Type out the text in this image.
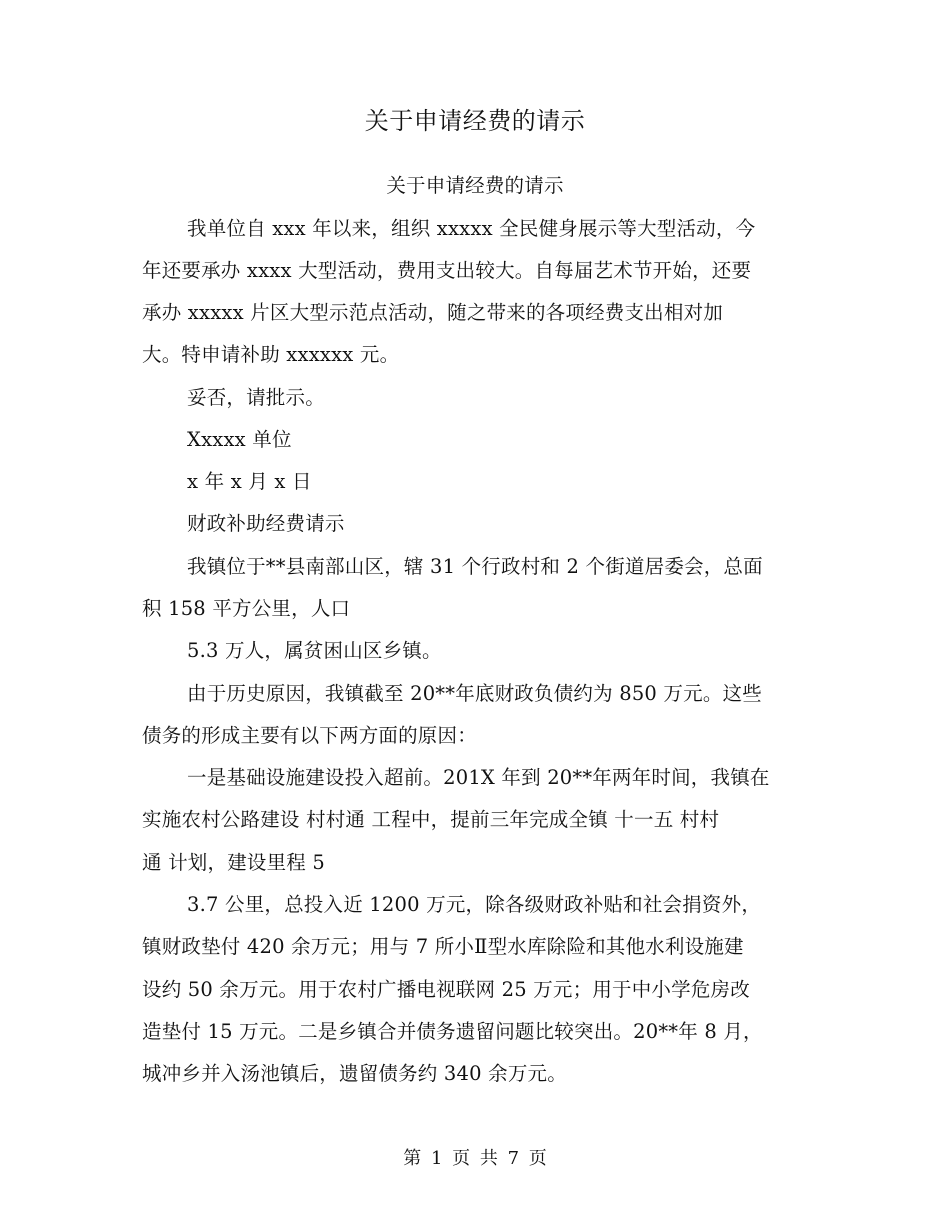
关于申请经费的请示
关于申请经费的请示
我单位自 xxx 年以来，组织 xxxxx 全民健身展示等大型活动，今
年还要承办 xxxx 大型活动，费用支出较大。自每届艺术节开始，还要
承办 xxxxx 片区大型示范点活动，随之带来的各项经费支出相对加
大。特申请补助 xxxxxx 元。
妥否，请批示。
Xxxxx 单位
x 年 x 月 x 日
财政补助经费请示
我镇位于**县南部山区，辖 31 个行政村和 2 个街道居委会，总面
积 158 平方公里，人口
5.3 万人，属贫困山区乡镇。
由于历史原因，我镇截至 20**年底财政负债约为 850 万元。这些
债务的形成主要有以下两方面的原因：
一是基础设施建设投入超前。201X 年到 20**年两年时间，我镇在
实施农村公路建设 村村通 工程中，提前三年完成全镇 十一五 村村
通 计划，建设里程 5
3.7 公里，总投入近 1200 万元，除各级财政补贴和社会捐资外，
镇财政垫付 420 余万元；用与 7 所小Ⅱ型水库除险和其他水利设施建
设约 50 余万元。用于农村广播电视联网 25 万元；用于中小学危房改
造垫付 15 万元。二是乡镇合并债务遗留问题比较突出。20**年 8 月，
城冲乡并入汤池镇后，遗留债务约 340 余万元。
第 1 页 共 7 页
